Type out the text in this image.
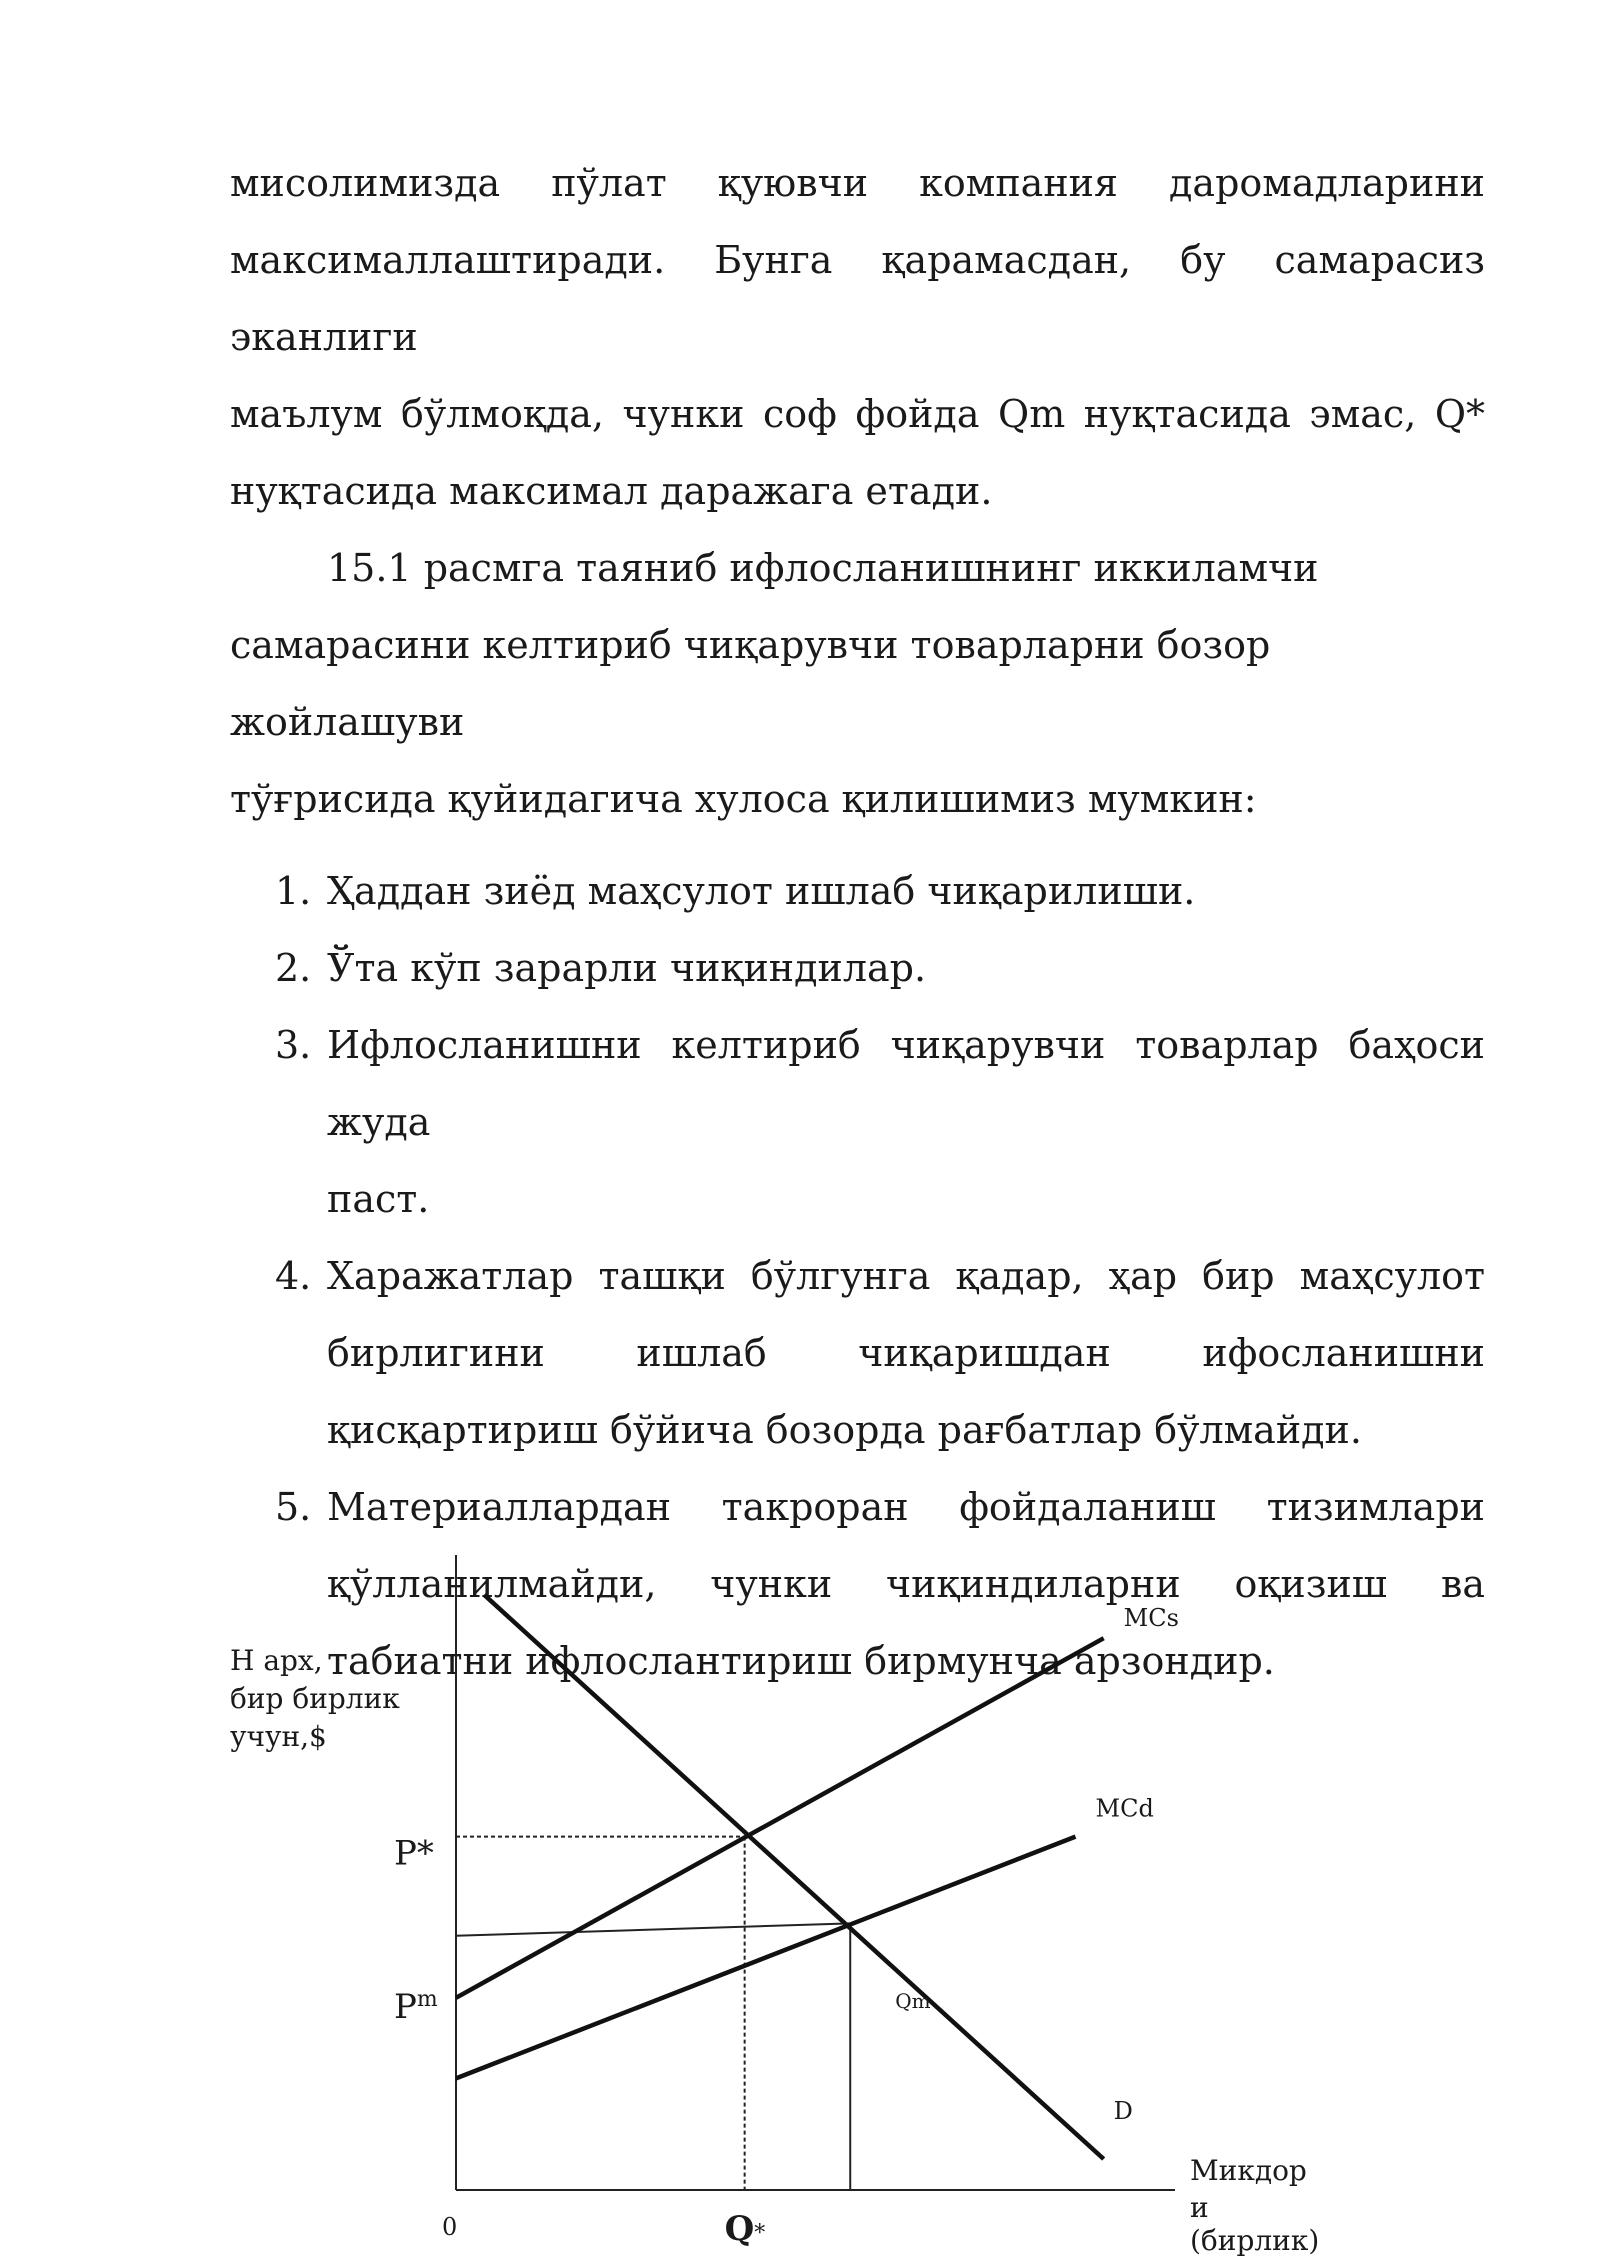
мисолимизда пўлат қуювчи компания даромадларини
максималлаштиради. Бунга қарамасдан, бу самарасиз эканлиги
маълум бўлмоқда, чунки соф фойда Qm нуқтасида эмас, Q*
нуқтасида максимал даражага етади.

15.1 расмга таяниб ифлосланишнинг иккиламчи
самарасини келтириб чиқарувчи товарларни бозор жойлашуви
тўғрисида қуйидагича хулоса қилишимиз мумкин:

1. Ҳаддан зиёд маҳсулот ишлаб чиқарилиши.
2. Ўта кўп зарарли чиқиндилар.
3. Ифлосланишни келтириб чиқарувчи товарлар баҳоси жуда
паст.
4. Харажатлар ташқи бўлгунга қадар, ҳар бир маҳсулот
бирлигини ишлаб чиқаришдан ифосланишни
қисқартириш бўйича бозорда рағбатлар бўлмайди.
5. Материаллардан такроран фойдаланиш тизимлари
қўлланилмайди, чунки чиқиндиларни оқизиш ва
табиатни ифлослантириш бирмунча арзондир.
MCs
MCd
D
P*
$P^m$	Qm
Q*
0
Н арх, бир бирлик учун,$
Микдор и (бирлик)
